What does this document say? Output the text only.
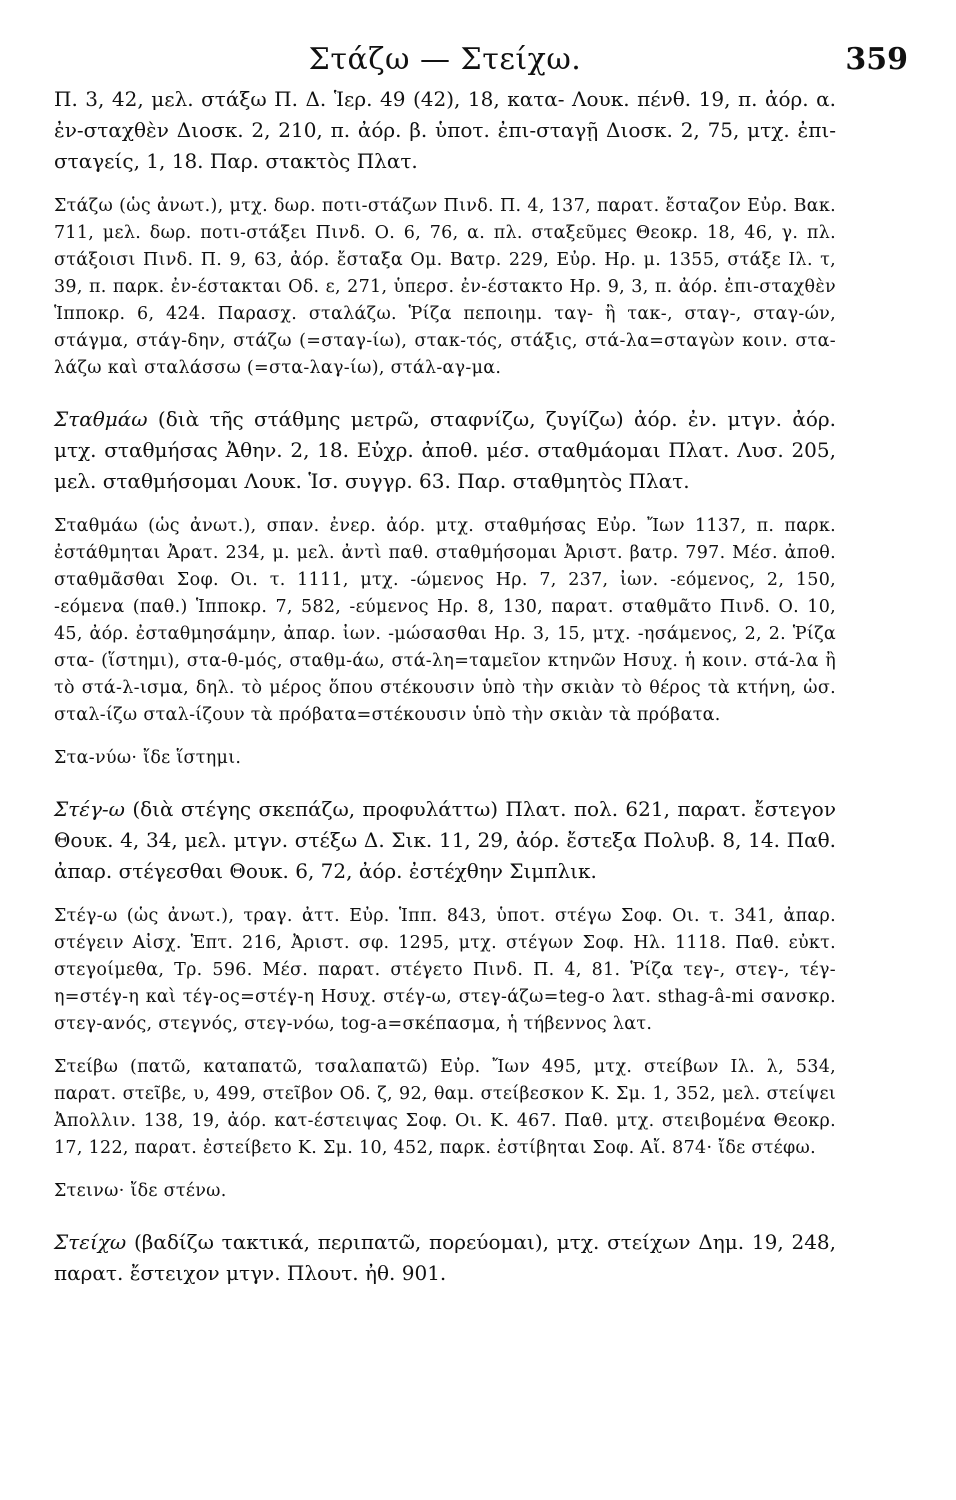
Στάζω — Στείχω.	359

Π. 3, 42, μελ. στάξω Π. Δ. Ἱερ. 49 (42), 18, κατα- Λουκ. πένθ. 19, π. ἀόρ. α. ἐν-σταχθὲν Διοσκ. 2, 210, π. ἀόρ. β. ὑποτ. ἐπι-σταγῇ Διοσκ. 2, 75, μτχ. ἐπι-σταγείς, 1, 18. Παρ. στακτὸς Πλατ.

Στάζω (ὡς ἀνωτ.), μτχ. δωρ. ποτι-στάζων Πινδ. Π. 4, 137, παρατ. ἔσταζον Εὐρ. Βακ. 711, μελ. δωρ. ποτι-στάξει Πινδ. Ο. 6, 76, α. πλ. σταξεῦμες Θεοκρ. 18, 46, γ. πλ. στάξοισι Πινδ. Π. 9, 63, ἀόρ. ἔσταξα Ομ. Βατρ. 229, Εὐρ. Ηρ. μ. 1355, στάξε Ιλ. τ, 39, π. παρκ. ἐν-έστακται Οδ. ε, 271, ὑπερσ. ἐν-έστακτο Ηρ. 9, 3, π. ἀόρ. ἐπι-σταχθὲν Ἱπποκρ. 6, 424. Παρασχ. σταλάζω. Ῥίζα πεποιημ. ταγ- ἢ τακ-, σταγ-, σταγ-ών, στάγμα, στάγ-δην, στάζω (=σταγ-ίω), στακ-τός, στάξις, στά-λα=σταγὼν κοιν. στα-λάζω καὶ σταλάσσω (=στα-λαγ-ίω), στάλ-αγ-μα.

Σταθμάω (διὰ τῆς στάθμης μετρῶ, σταφνίζω, ζυγίζω) ἀόρ. ἐν. μτγν. ἀόρ. μτχ. σταθμήσας Ἀθην. 2, 18. Εὐχρ. ἀποθ. μέσ. σταθμάομαι Πλατ. Λυσ. 205, μελ. σταθμήσομαι Λουκ. Ἱσ. συγγρ. 63. Παρ. σταθμητὸς Πλατ.

Σταθμάω (ὡς ἀνωτ.), σπαν. ἐνερ. ἀόρ. μτχ. σταθμήσας Εὐρ. Ἴων 1137, π. παρκ. ἐστάθμηται Ἀρατ. 234, μ. μελ. ἀντὶ παθ. σταθμήσομαι Ἀριστ. βατρ. 797. Μέσ. ἀποθ. σταθμᾶσθαι Σοφ. Οι. τ. 1111, μτχ. -ώμενος Ηρ. 7, 237, ἰων. -εόμενος, 2, 150, -εόμενα (παθ.) Ἱπποκρ. 7, 582, -εύμενος Ηρ. 8, 130, παρατ. σταθμᾶτο Πινδ. Ο. 10, 45, ἀόρ. ἐσταθμησάμην, ἀπαρ. ἰων. -μώσασθαι Ηρ. 3, 15, μτχ. -ησάμενος, 2, 2. Ῥίζα στα- (ἵστημι), στα-θ-μός, σταθμ-άω, στά-λη=ταμεῖον κτηνῶν Ησυχ. ἡ κοιν. στά-λα ἢ τὸ στά-λ-ισμα, δηλ. τὸ μέρος ὅπου στέκουσιν ὑπὸ τὴν σκιὰν τὸ θέρος τὰ κτήνη, ὡσ. σταλ-ίζω σταλ-ίζουν τὰ πρόβατα=στέκουσιν ὑπὸ τὴν σκιὰν τὰ πρόβατα.

Στα-νύω· ἴδε ἵστημι.

Στέγ-ω (διὰ στέγης σκεπάζω, προφυλάττω) Πλατ. πολ. 621, παρατ. ἔστεγον Θουκ. 4, 34, μελ. μτγν. στέξω Δ. Σικ. 11, 29, ἀόρ. ἔστεξα Πολυβ. 8, 14. Παθ. ἀπαρ. στέγεσθαι Θουκ. 6, 72, ἀόρ. ἐστέχθην Σιμπλικ.

Στέγ-ω (ὡς ἀνωτ.), τραγ. ἀττ. Εὐρ. Ἱππ. 843, ὑποτ. στέγω Σοφ. Οι. τ. 341, ἀπαρ. στέγειν Αἰσχ. Ἑπτ. 216, Ἀριστ. σφ. 1295, μτχ. στέγων Σοφ. Ηλ. 1118. Παθ. εὐκτ. στεγοίμεθα, Τρ. 596. Μέσ. παρατ. στέγετο Πινδ. Π. 4, 81. Ῥίζα τεγ-, στεγ-, τέγ-η=στέγ-η καὶ τέγ-ος=στέγ-η Ησυχ. στέγ-ω, στεγ-άζω=teg-o λατ. sthag-â-mi σανσκρ. στεγ-ανός, στεγνός, στεγ-νόω, tog-a=σκέπασμα, ἡ τήβεννος λατ.

Στείβω (πατῶ, καταπατῶ, τσαλαπατῶ) Εὐρ. Ἴων 495, μτχ. στείβων Ιλ. λ, 534, παρατ. στεῖβε, υ, 499, στεῖβον Οδ. ζ, 92, θαμ. στείβεσκον Κ. Σμ. 1, 352, μελ. στείψει Ἀπολλιν. 138, 19, ἀόρ. κατ-έστειψας Σοφ. Οι. Κ. 467. Παθ. μτχ. στειβομένα Θεοκρ. 17, 122, παρατ. ἐστείβετο Κ. Σμ. 10, 452, παρκ. ἐστίβηται Σοφ. Αἴ. 874· ἴδε στέφω.

Στεινω· ἴδε στένω.

Στείχω (βαδίζω τακτικά, περιπατῶ, πορεύομαι), μτχ. στείχων Δημ. 19, 248, παρατ. ἔστειχον μτγν. Πλουτ. ἠθ. 901.
